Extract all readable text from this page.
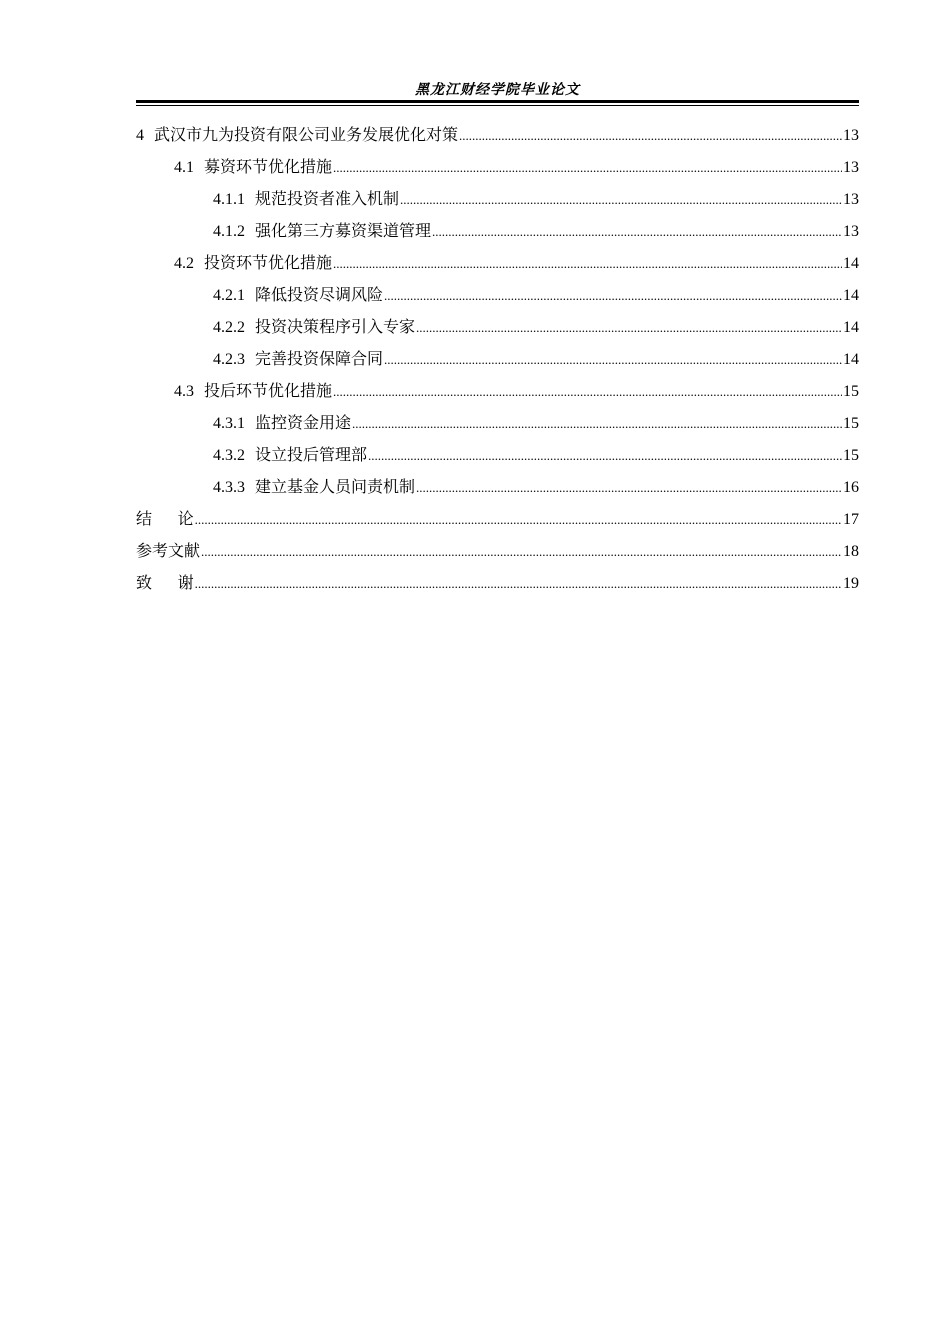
黑龙江财经学院毕业论文
4 武汉市九为投资有限公司业务发展优化对策 .....	13
4.1 募资环节优化措施 .....	13
4.1.1 规范投资者准入机制 .....	13
4.1.2 强化第三方募资渠道管理 .....	13
4.2 投资环节优化措施 .....	14
4.2.1 降低投资尽调风险 .....	14
4.2.2 投资决策程序引入专家 .....	14
4.2.3 完善投资保障合同 .....	14
4.3 投后环节优化措施 .....	15
4.3.1 监控资金用途 .....	15
4.3.2 设立投后管理部 .....	15
4.3.3 建立基金人员问责机制 .....	16
结论 .....	17
参考文献 .....	18
致谢 .....	19
